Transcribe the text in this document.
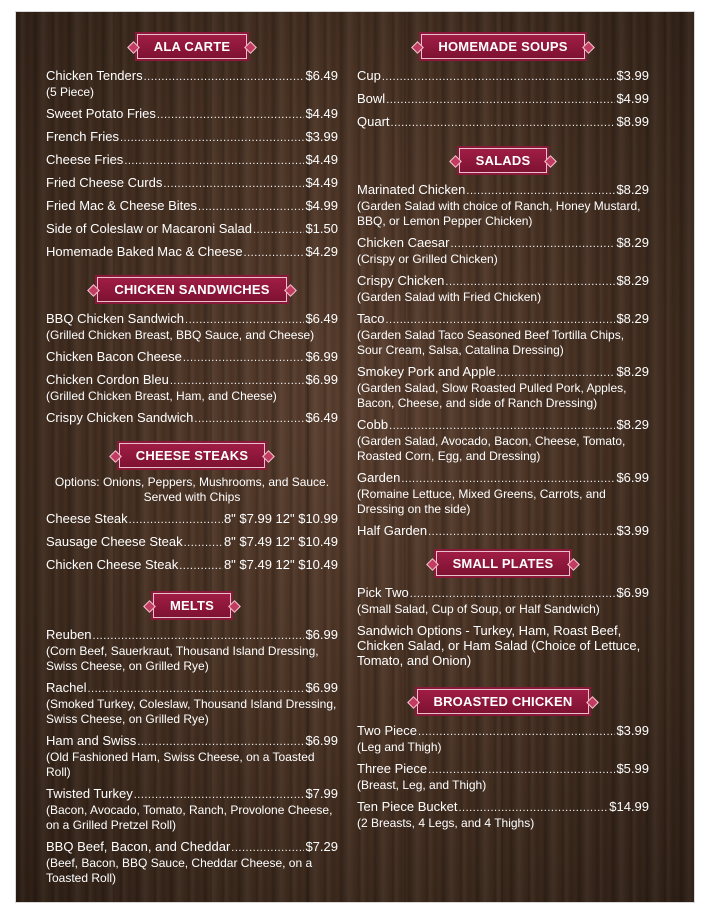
ALA CARTE
Chicken Tenders .....	$6.49
(5 Piece)
Sweet Potato Fries .....	$4.49
French Fries .....	$3.99
Cheese Fries .....	$4.49
Fried Cheese Curds .....	$4.49
Fried Mac & Cheese Bites .....	$4.99
Side of Coleslaw or Macaroni Salad .....	$1.50
Homemade Baked Mac & Cheese .....	$4.29
CHICKEN SANDWICHES
BBQ Chicken Sandwich .....	$6.49
(Grilled Chicken Breast, BBQ Sauce, and Cheese)
Chicken Bacon Cheese .....	$6.99
Chicken Cordon Bleu .....	$6.99
(Grilled Chicken Breast, Ham, and Cheese)
Crispy Chicken Sandwich .....	$6.49
CHEESE STEAKS
Options: Onions, Peppers, Mushrooms, and Sauce. Served with Chips
Cheese Steak .....	8" $7.99 12" $10.99
Sausage Cheese Steak .....	8" $7.49 12" $10.49
Chicken Cheese Steak .....	8" $7.49 12" $10.49
MELTS
Reuben .....	$6.99
(Corn Beef, Sauerkraut, Thousand Island Dressing, Swiss Cheese, on Grilled Rye)
Rachel .....	$6.99
(Smoked Turkey, Coleslaw, Thousand Island Dressing, Swiss Cheese, on Grilled Rye)
Ham and Swiss .....	$6.99
(Old Fashioned Ham, Swiss Cheese, on a Toasted Roll)
Twisted Turkey .....	$7.99
(Bacon, Avocado, Tomato, Ranch, Provolone Cheese, on a Grilled Pretzel Roll)
BBQ Beef, Bacon, and Cheddar .....	$7.29
(Beef, Bacon, BBQ Sauce, Cheddar Cheese, on a Toasted Roll)
HOMEMADE SOUPS
Cup .....	$3.99
Bowl .....	$4.99
Quart .....	$8.99
SALADS
Marinated Chicken .....	$8.29
(Garden Salad with choice of Ranch, Honey Mustard, BBQ, or Lemon Pepper Chicken)
Chicken Caesar .....	$8.29
(Crispy or Grilled Chicken)
Crispy Chicken .....	$8.29
(Garden Salad with Fried Chicken)
Taco .....	$8.29
(Garden Salad Taco Seasoned Beef Tortilla Chips, Sour Cream, Salsa, Catalina Dressing)
Smokey Pork and Apple .....	$8.29
(Garden Salad, Slow Roasted Pulled Pork, Apples, Bacon, Cheese, and side of Ranch Dressing)
Cobb .....	$8.29
(Garden Salad, Avocado, Bacon, Cheese, Tomato, Roasted Corn, Egg, and Dressing)
Garden .....	$6.99
(Romaine Lettuce, Mixed Greens, Carrots, and Dressing on the side)
Half Garden .....	$3.99
SMALL PLATES
Pick Two .....	$6.99
(Small Salad, Cup of Soup, or Half Sandwich)
Sandwich Options - Turkey, Ham, Roast Beef, Chicken Salad, or Ham Salad (Choice of Lettuce, Tomato, and Onion)
BROASTED CHICKEN
Two Piece .....	$3.99
(Leg and Thigh)
Three Piece .....	$5.99
(Breast, Leg, and Thigh)
Ten Piece Bucket .....	$14.99
(2 Breasts, 4 Legs, and 4 Thighs)
